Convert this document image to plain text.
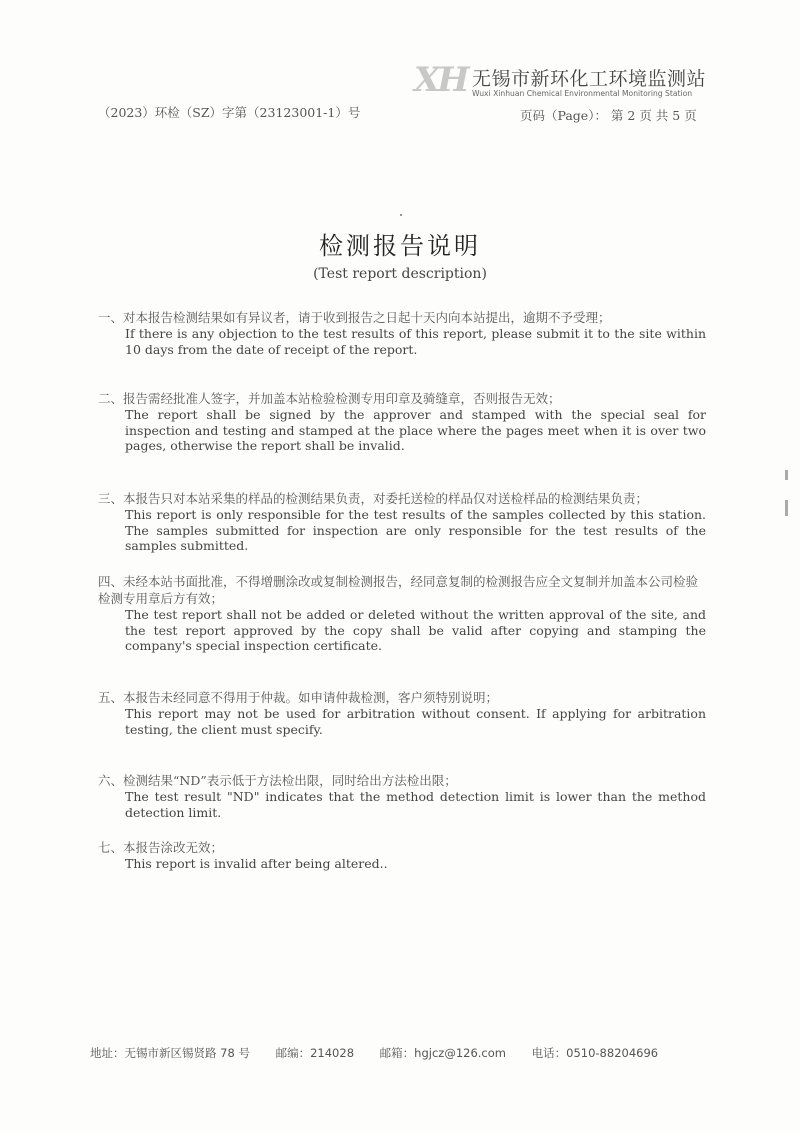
XH 无锡市新环化工环境监测站
Wuxi Xinhuan Chemical Environmental Monitoring Station
（2023）环检（SZ）字第（23123001-1）号	页码（Page）： 第 2 页 共 5 页
检测报告说明
(Test report description)
一、对本报告检测结果如有异议者，请于收到报告之日起十天内向本站提出，逾期不予受理；
If there is any objection to the test results of this report, please submit it to the site within 10 days from the date of receipt of the report.
二、报告需经批准人签字，并加盖本站检验检测专用印章及骑缝章，否则报告无效；
The report shall be signed by the approver and stamped with the special seal for inspection and testing and stamped at the place where the pages meet when it is over two pages, otherwise the report shall be invalid.
三、本报告只对本站采集的样品的检测结果负责，对委托送检的样品仅对送检样品的检测结果负责；
This report is only responsible for the test results of the samples collected by this station. The samples submitted for inspection are only responsible for the test results of the samples submitted.
四、未经本站书面批准，不得增删涂改或复制检测报告，经同意复制的检测报告应全文复制并加盖本公司检验检测专用章后方有效；
The test report shall not be added or deleted without the written approval of the site, and the test report approved by the copy shall be valid after copying and stamping the company's special inspection certificate.
五、本报告未经同意不得用于仲裁。如申请仲裁检测，客户须特别说明；
This report may not be used for arbitration without consent. If applying for arbitration testing, the client must specify.
六、检测结果“ND”表示低于方法检出限，同时给出方法检出限；
The test result "ND" indicates that the method detection limit is lower than the method detection limit.
七、本报告涂改无效；
This report is invalid after being altered..
地址：无锡市新区锡贤路 78 号 邮编：214028 邮箱：hgjcz@126.com 电话：0510-88204696
